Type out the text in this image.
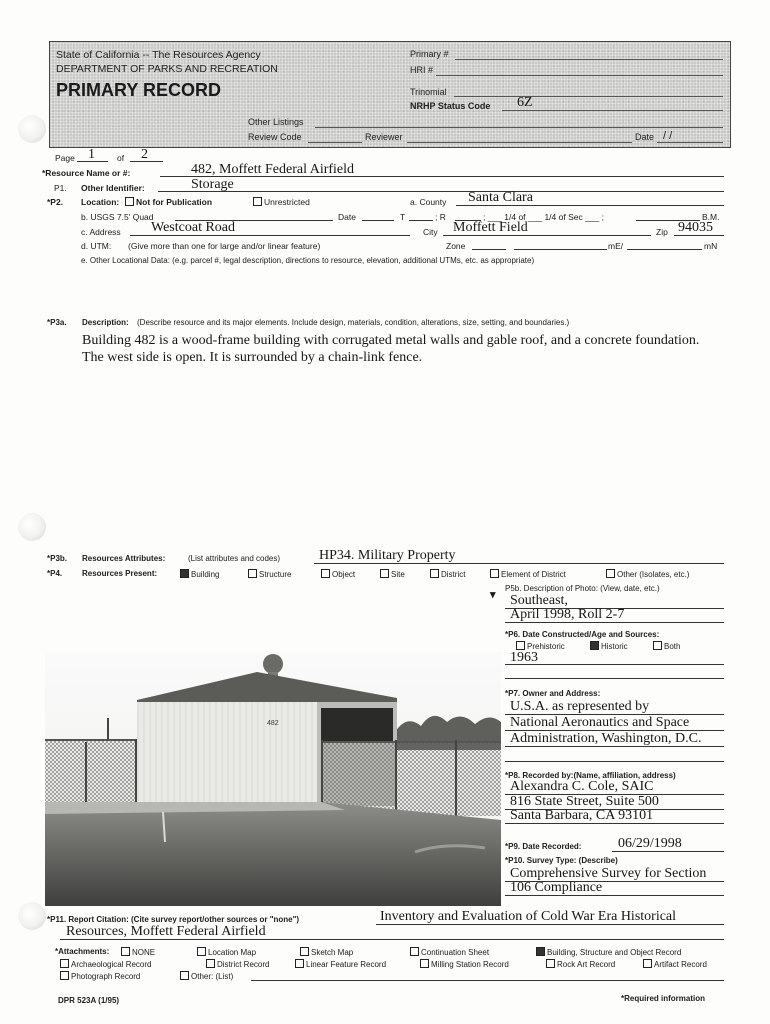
State of California -- The Resources Agency
DEPARTMENT OF PARKS AND RECREATION
PRIMARY RECORD
Primary #
HRI #
Trinomial
NRHP Status Code 6Z
Other Listings
Review Code	Reviewer	Date / /
Page 1	of 2
*Resource Name or #:	482, Moffett Federal Airfield
P1. Other Identifier:	Storage
*P2. Location:	Not for Publication	Unrestricted	a. County Santa Clara
b. USGS 7.5' Quad	Date	T	; R	; ___ 1/4 of ___ 1/4 of Sec ___ ;	B.M.
c. Address Westcoat Road	City Moffett Field	Zip 94035
d. UTM: (Give more than one for large and/or linear feature)	Zone	mE/	mN
e. Other Locational Data: (e.g. parcel #, legal description, directions to resource, elevation, additional UTMs, etc. as appropriate)
*P3a. Description: (Describe resource and its major elements. Include design, materials, condition, alterations, size, setting, and boundaries.)
Building 482 is a wood-frame building with corrugated metal walls and gable roof, and a concrete foundation.
The west side is open. It is surrounded by a chain-link fence.
*P3b. Resources Attributes:	(List attributes and codes)	HP34. Military Property
*P4. Resources Present:	Building	Structure	Object	Site	District	Element of District	Other (Isolates, etc.)
▾
P5b. Description of Photo: (View, date, etc.)
Southeast,
April 1998, Roll 2-7
*P6. Date Constructed/Age and Sources:
Prehistoric	Historic	Both
1963
*P7. Owner and Address:
U.S.A. as represented by
National Aeronautics and Space
Administration, Washington, D.C.
*P8. Recorded by:(Name, affiliation, address)
Alexandra C. Cole, SAIC
816 State Street, Suite 500
Santa Barbara, CA 93101
*P9. Date Recorded:	06/29/1998
*P10. Survey Type: (Describe)
Comprehensive Survey for Section
106 Compliance
482
*P11. Report Citation: (Cite survey report/other sources or "none")	Inventory and Evaluation of Cold War Era Historical
Resources, Moffett Federal Airfield
*Attachments:	NONE	Location Map	Sketch Map	Continuation Sheet	Building, Structure and Object Record
Archaeological Record	District Record	Linear Feature Record	Milling Station Record	Rock Art Record	Artifact Record
Photograph Record	Other: (List)
DPR 523A (1/95)	*Required information
